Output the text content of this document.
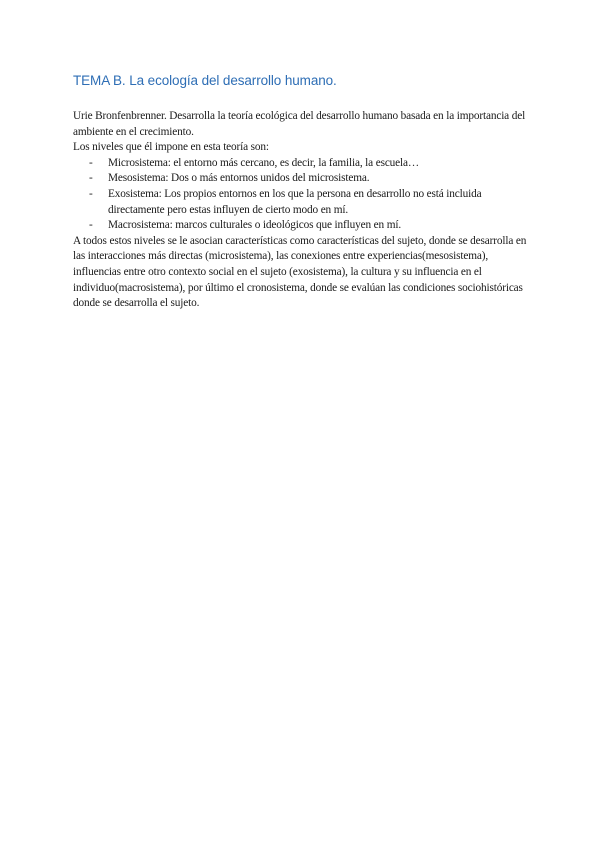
TEMA B. La ecología del desarrollo humano.

Urie Bronfenbrenner. Desarrolla la teoría ecológica del desarrollo humano basada en la importancia del ambiente en el crecimiento.

Los niveles que él impone en esta teoría son:

- Microsistema: el entorno más cercano, es decir, la familia, la escuela…
- Mesosistema: Dos o más entornos unidos del microsistema.
- Exosistema: Los propios entornos en los que la persona en desarrollo no está incluida directamente pero estas influyen de cierto modo en mí.
- Macrosistema: marcos culturales o ideológicos que influyen en mí.

A todos estos niveles se le asocian características como características del sujeto, donde se desarrolla en las interacciones más directas (microsistema), las conexiones entre experiencias(mesosistema), influencias entre otro contexto social en el sujeto (exosistema), la cultura y su influencia en el individuo(macrosistema), por último el cronosistema, donde se evalúan las condiciones sociohistóricas donde se desarrolla el sujeto.
